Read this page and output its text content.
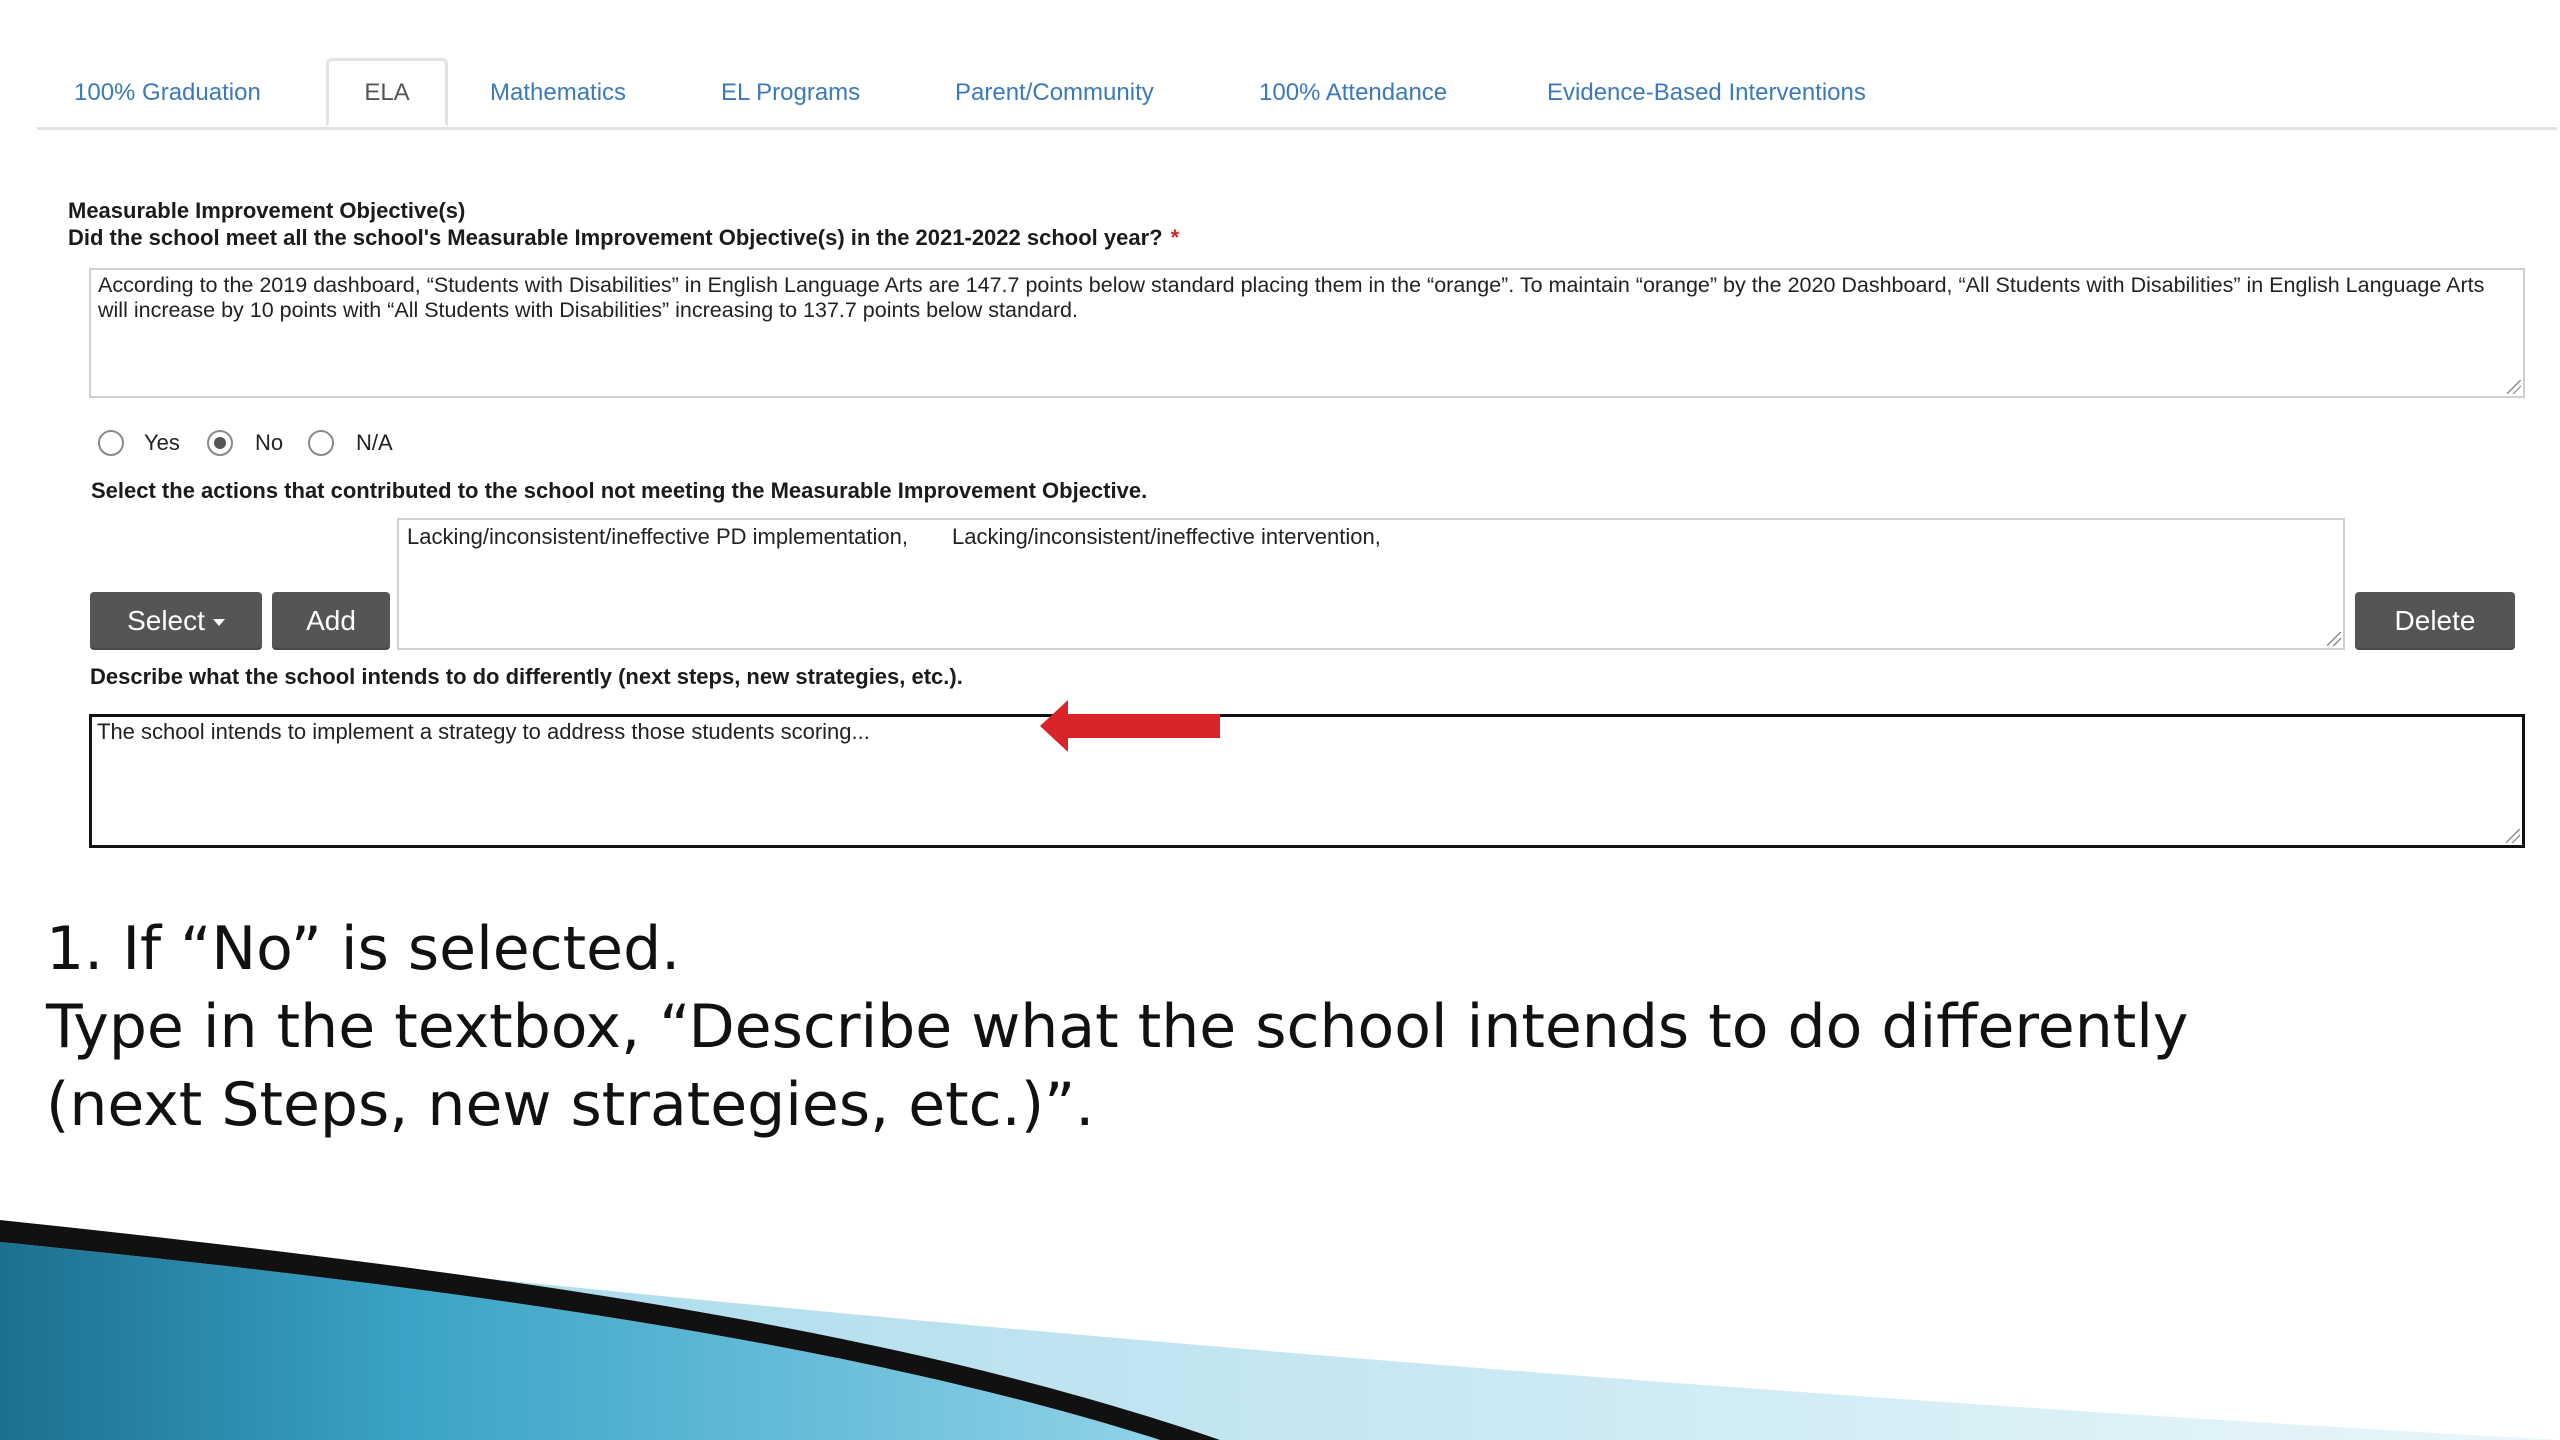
100% Graduation	ELA	Mathematics	EL Programs	Parent/Community	100% Attendance	Evidence-Based Interventions
Measurable Improvement Objective(s)
Did the school meet all the school's Measurable Improvement Objective(s) in the 2021-2022 school year? *
According to the 2019 dashboard, “Students with Disabilities” in English Language Arts are 147.7 points below standard placing them in the “orange”. To maintain “orange” by the 2020 Dashboard, “All Students with Disabilities” in English Language Arts will increase by 10 points with “All Students with Disabilities” increasing to 137.7 points below standard.
Yes	No	N/A
Select the actions that contributed to the school not meeting the Measurable Improvement Objective.
Select	Add
Lacking/inconsistent/ineffective PD implementation, Lacking/inconsistent/ineffective intervention,
Delete
Describe what the school intends to do differently (next steps, new strategies, etc.).
The school intends to implement a strategy to address those students scoring...
1. If “No” is selected.
Type in the textbox, “Describe what the school intends to do differently
(next Steps, new strategies, etc.)”.
